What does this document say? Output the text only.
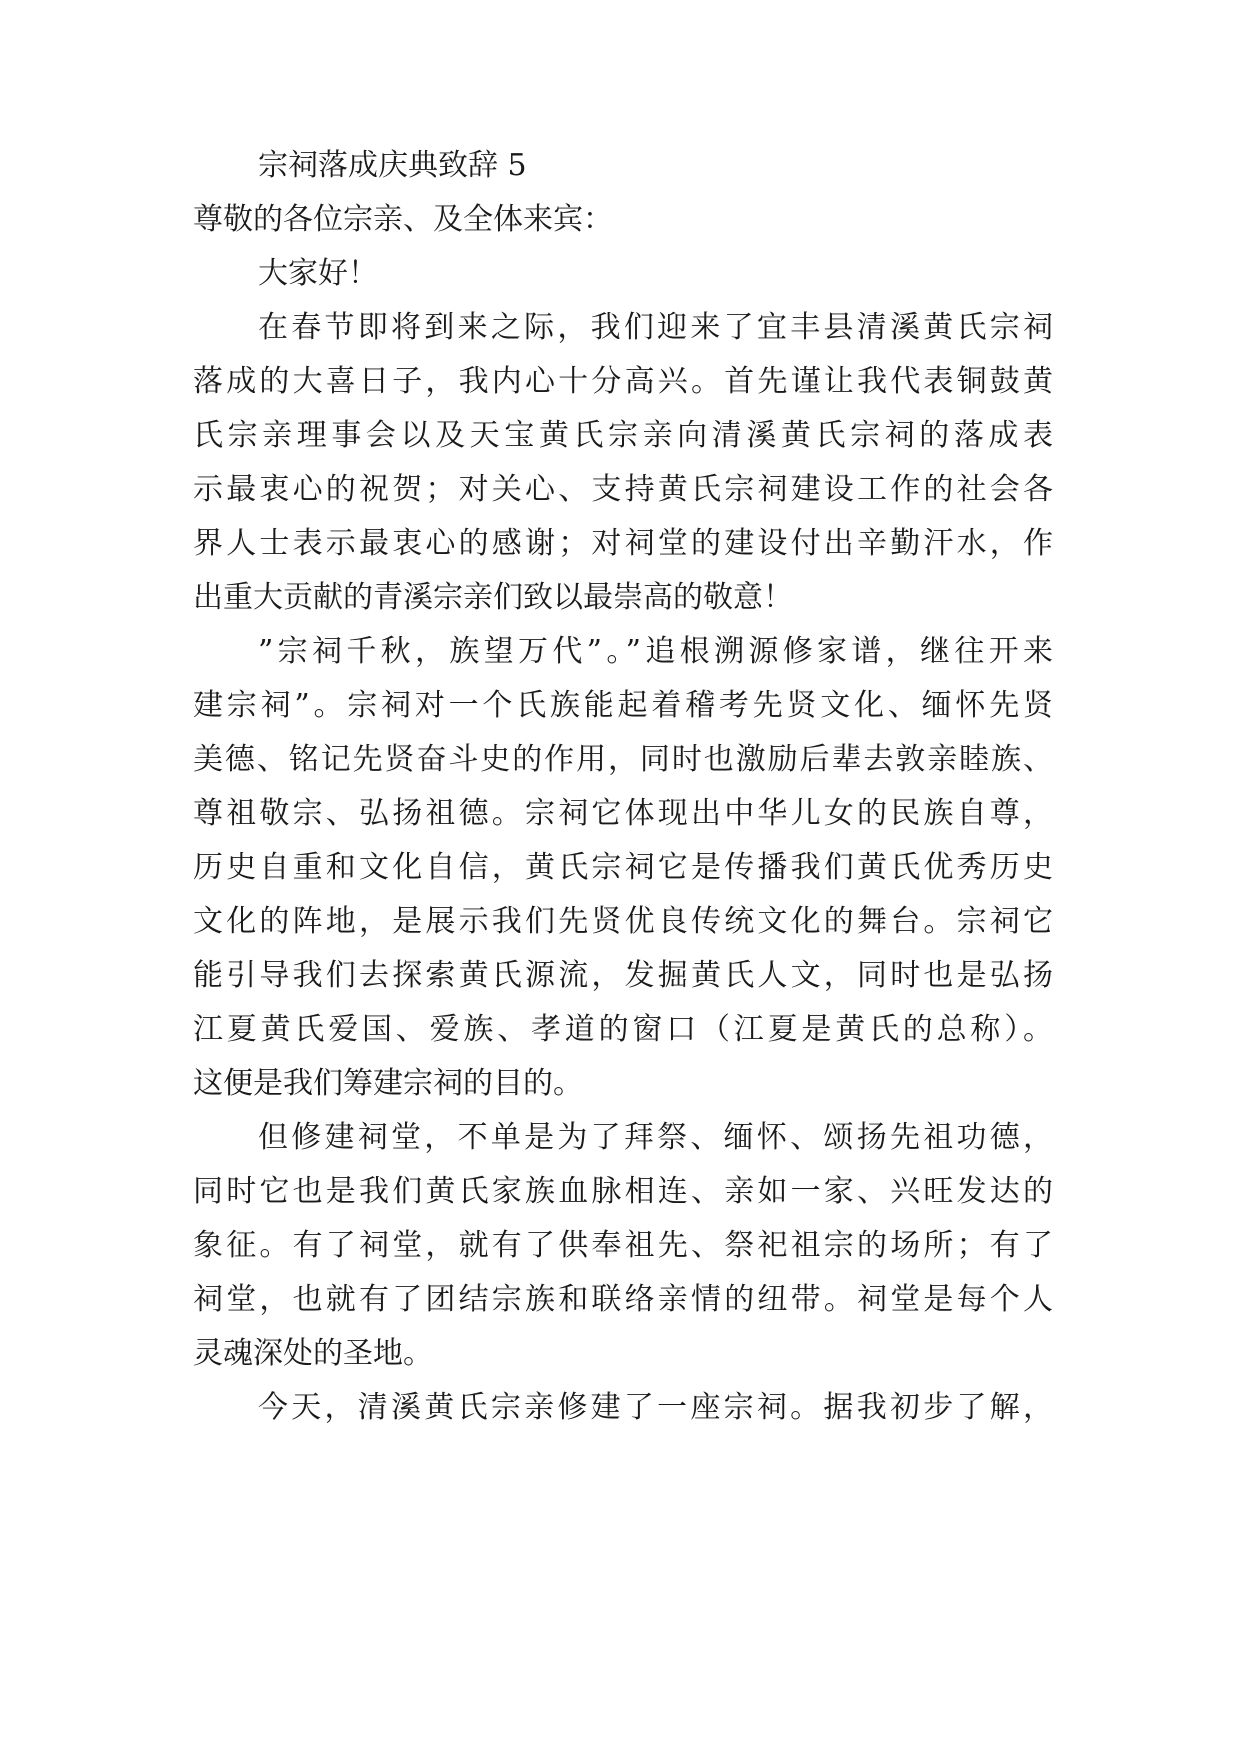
宗祠落成庆典致辞 5
尊敬的各位宗亲、及全体来宾：
大家好！
在春节即将到来之际，我们迎来了宜丰县清溪黄氏宗祠
落成的大喜日子，我内心十分高兴。首先谨让我代表铜鼓黄
氏宗亲理事会以及天宝黄氏宗亲向清溪黄氏宗祠的落成表
示最衷心的祝贺；对关心、支持黄氏宗祠建设工作的社会各
界人士表示最衷心的感谢；对祠堂的建设付出辛勤汗水，作
出重大贡献的青溪宗亲们致以最崇高的敬意！
”宗祠千秋，族望万代”。”追根溯源修家谱，继往开来
建宗祠”。宗祠对一个氏族能起着稽考先贤文化、缅怀先贤
美德、铭记先贤奋斗史的作用，同时也激励后辈去敦亲睦族、
尊祖敬宗、弘扬祖德。宗祠它体现出中华儿女的民族自尊，
历史自重和文化自信，黄氏宗祠它是传播我们黄氏优秀历史
文化的阵地，是展示我们先贤优良传统文化的舞台。宗祠它
能引导我们去探索黄氏源流，发掘黄氏人文，同时也是弘扬
江夏黄氏爱国、爱族、孝道的窗口（江夏是黄氏的总称）。
这便是我们筹建宗祠的目的。
但修建祠堂，不单是为了拜祭、缅怀、颂扬先祖功德，
同时它也是我们黄氏家族血脉相连、亲如一家、兴旺发达的
象征。有了祠堂，就有了供奉祖先、祭祀祖宗的场所；有了
祠堂，也就有了团结宗族和联络亲情的纽带。祠堂是每个人
灵魂深处的圣地。
今天，清溪黄氏宗亲修建了一座宗祠。据我初步了解，
